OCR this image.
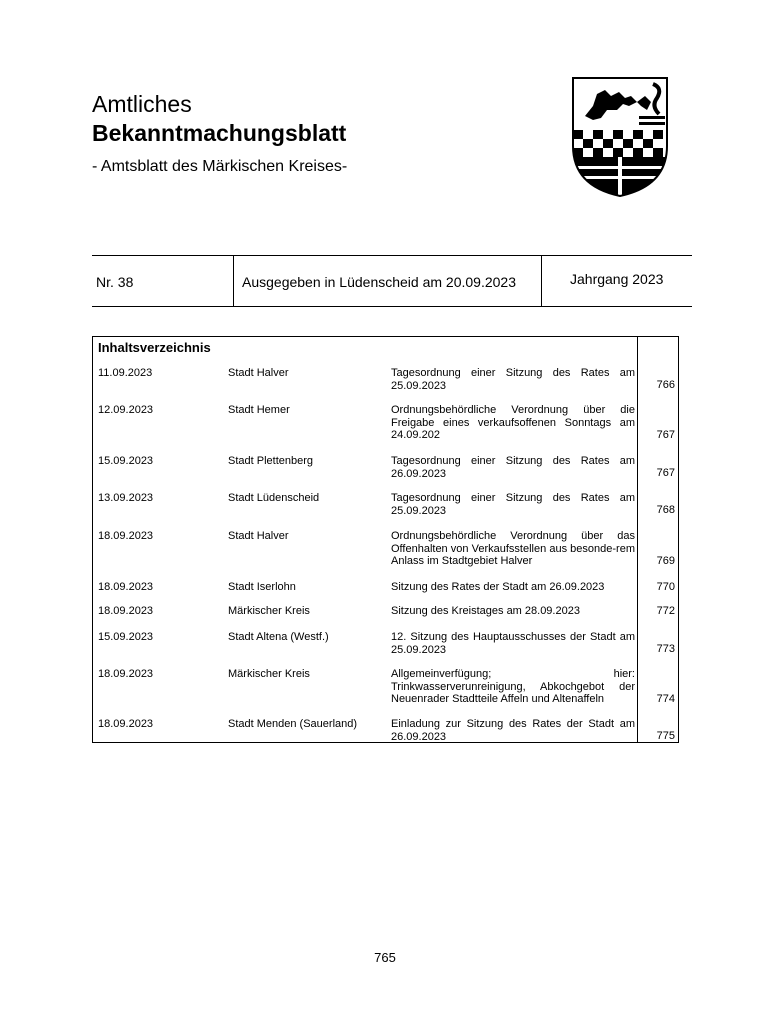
Amtliches
Bekanntmachungsblatt
- Amtsblatt des Märkischen Kreises-
Nr. 38	Ausgegeben in Lüdenscheid am 20.09.2023	Jahrgang 2023
Inhaltsverzeichnis
11.09.2023	Stadt Halver	Tagesordnung einer Sitzung des Rates am 25.09.2023	766
12.09.2023	Stadt Hemer	Ordnungsbehördliche Verordnung über die Freigabe eines verkaufsoffenen Sonntags am 24.09.202	767
15.09.2023	Stadt Plettenberg	Tagesordnung einer Sitzung des Rates am 26.09.2023	767
13.09.2023	Stadt Lüdenscheid	Tagesordnung einer Sitzung des Rates am 25.09.2023	768
18.09.2023	Stadt Halver	Ordnungsbehördliche Verordnung über das Offenhalten von Verkaufsstellen aus besonde-rem Anlass im Stadtgebiet Halver	769
18.09.2023	Stadt Iserlohn	Sitzung des Rates der Stadt am 26.09.2023	770
18.09.2023	Märkischer Kreis	Sitzung des Kreistages am 28.09.2023	772
15.09.2023	Stadt Altena (Westf.)	12. Sitzung des Hauptausschusses der Stadt am 25.09.2023	773
18.09.2023	Märkischer Kreis	Allgemeinverfügung; hier: Trinkwasserverunreinigung, Abkochgebot der Neuenrader Stadtteile Affeln und Altenaffeln	774
18.09.2023	Stadt Menden (Sauerland)	Einladung zur Sitzung des Rates der Stadt am 26.09.2023	775
765
